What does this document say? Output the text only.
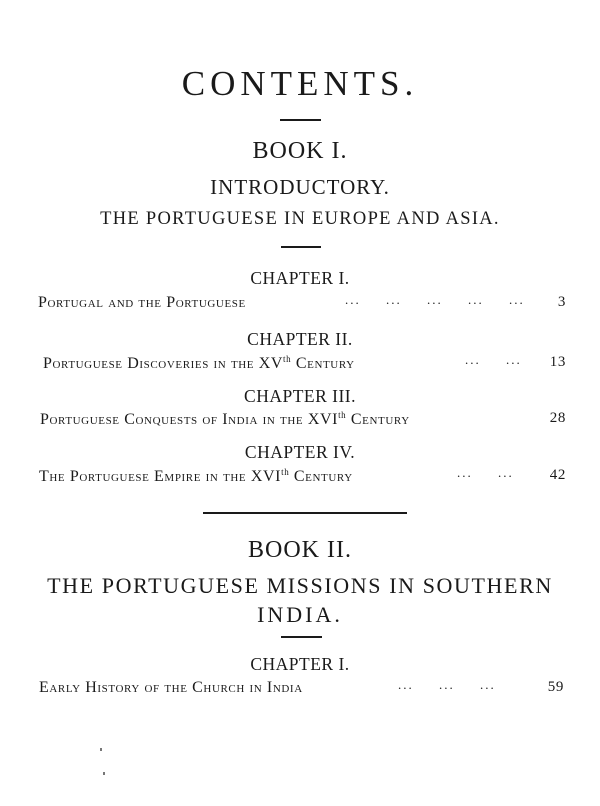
CONTENTS.
BOOK I.
INTRODUCTORY.
THE PORTUGUESE IN EUROPE AND ASIA.
CHAPTER I.
Portugal and the Portuguese	... ... ... ... ... 3
CHAPTER II.
Portuguese Discoveries in the XVth Century	... ... 13
CHAPTER III.
Portuguese Conquests of India in the XVIth Century	28
CHAPTER IV.
The Portuguese Empire in the XVIth Century	... ... 42
BOOK II.
THE PORTUGUESE MISSIONS IN SOUTHERN
INDIA.
CHAPTER I.
Early History of the Church in India	... ... ...	59
